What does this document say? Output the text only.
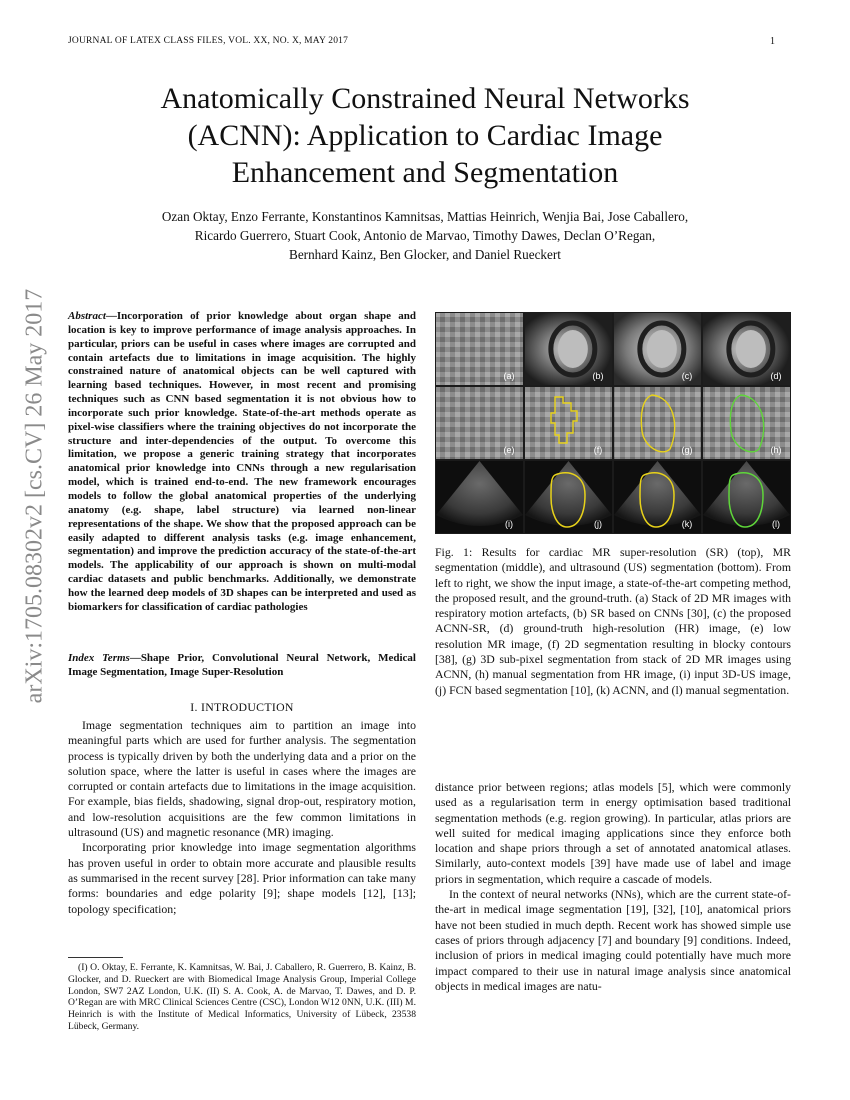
JOURNAL OF LATEX CLASS FILES, VOL. XX, NO. X, MAY 2017	1
Anatomically Constrained Neural Networks
(ACNN): Application to Cardiac Image
Enhancement and Segmentation
Ozan Oktay, Enzo Ferrante, Konstantinos Kamnitsas, Mattias Heinrich, Wenjia Bai, Jose Caballero,
Ricardo Guerrero, Stuart Cook, Antonio de Marvao, Timothy Dawes, Declan O’Regan,
Bernhard Kainz, Ben Glocker, and Daniel Rueckert
arXiv:1705.08302v2 [cs.CV] 26 May 2017 Abstract—Incorporation of prior knowledge about organ shape and location is key to improve performance of image analysis approaches. In particular, priors can be useful in cases where images are corrupted and contain artefacts due to limitations in image acquisition. The highly constrained nature of anatomical objects can be well captured with learning based techniques. However, in most recent and promising techniques such as CNN based segmentation it is not obvious how to incorporate such prior knowledge. State-of-the-art methods operate as pixel-wise classifiers where the training objectives do not incorporate the structure and inter-dependencies of the output. To overcome this limitation, we propose a generic training strategy that incorporates anatomical prior knowledge into CNNs through a new regularisation model, which is trained end-to-end. The new framework encourages models to follow the global anatomical properties of the underlying anatomy (e.g. shape, label structure) via learned non-linear representations of the shape. We show that the proposed approach can be easily adapted to different analysis tasks (e.g. image enhancement, segmentation) and improve the prediction accuracy of the state-of-the-art models. The applicability of our approach is shown on multi-modal cardiac datasets and public benchmarks. Additionally, we demonstrate how the learned deep models of 3D shapes can be interpreted and used as biomarkers for classification of cardiac pathologies
Index Terms—Shape Prior, Convolutional Neural Network, Medical Image Segmentation, Image Super-Resolution
I. INTRODUCTION

Image segmentation techniques aim to partition an image into meaningful parts which are used for further analysis. The segmentation process is typically driven by both the underlying data and a prior on the solution space, where the latter is useful in cases where the images are corrupted or contain artefacts due to limitations in the image acquisition. For example, bias fields, shadowing, signal drop-out, respiratory motion, and low-resolution acquisitions are the few common limitations in ultrasound (US) and magnetic resonance (MR) imaging.

Incorporating prior knowledge into image segmentation algorithms has proven useful in order to obtain more accurate and plausible results as summarised in the recent survey [28]. Prior information can take many forms: boundaries and edge polarity [9]; shape models [12], [13]; topology specification;

(I) O. Oktay, E. Ferrante, K. Kamnitsas, W. Bai, J. Caballero, R. Guerrero, B. Kainz, B. Glocker, and D. Rueckert are with Biomedical Image Analysis Group, Imperial College London, SW7 2AZ London, U.K. (II) S. A. Cook, A. de Marvao, T. Dawes, and D. P. O’Regan are with MRC Clinical Sciences Centre (CSC), London W12 0NN, U.K. (III) M. Heinrich is with the Institute of Medical Informatics, University of Lübeck, 23538 Lübeck, Germany.

(a)	(b)	(c)	(d)
(e)	(f)	(g)	(h)
(i)	(j)	(k)	(l)
Fig. 1: Results for cardiac MR super-resolution (SR) (top), MR segmentation (middle), and ultrasound (US) segmentation (bottom). From left to right, we show the input image, a state-of-the-art competing method, the proposed result, and the ground-truth. (a) Stack of 2D MR images with respiratory motion artefacts, (b) SR based on CNNs [30], (c) the proposed ACNN-SR, (d) ground-truth high-resolution (HR) image, (e) low resolution MR image, (f) 2D segmentation resulting in blocky contours [38], (g) 3D sub-pixel segmentation from stack of 2D MR images using ACNN, (h) manual segmentation from HR image, (i) input 3D-US image, (j) FCN based segmentation [10], (k) ACNN, and (l) manual segmentation.

distance prior between regions; atlas models [5], which were commonly used as a regularisation term in energy optimisation based traditional segmentation methods (e.g. region growing). In particular, atlas priors are well suited for medical imaging applications since they enforce both location and shape priors through a set of annotated anatomical atlases. Similarly, auto-context models [39] have made use of label and image priors in segmentation, which require a cascade of models.

In the context of neural networks (NNs), which are the current state-of-the-art in medical image segmentation [19], [32], [10], anatomical priors have not been studied in much depth. Recent work has showed simple use cases of priors through adjacency [7] and boundary [9] conditions. Indeed, inclusion of priors in medical imaging could potentially have much more impact compared to their use in natural image analysis since anatomical objects in medical images are natu-
